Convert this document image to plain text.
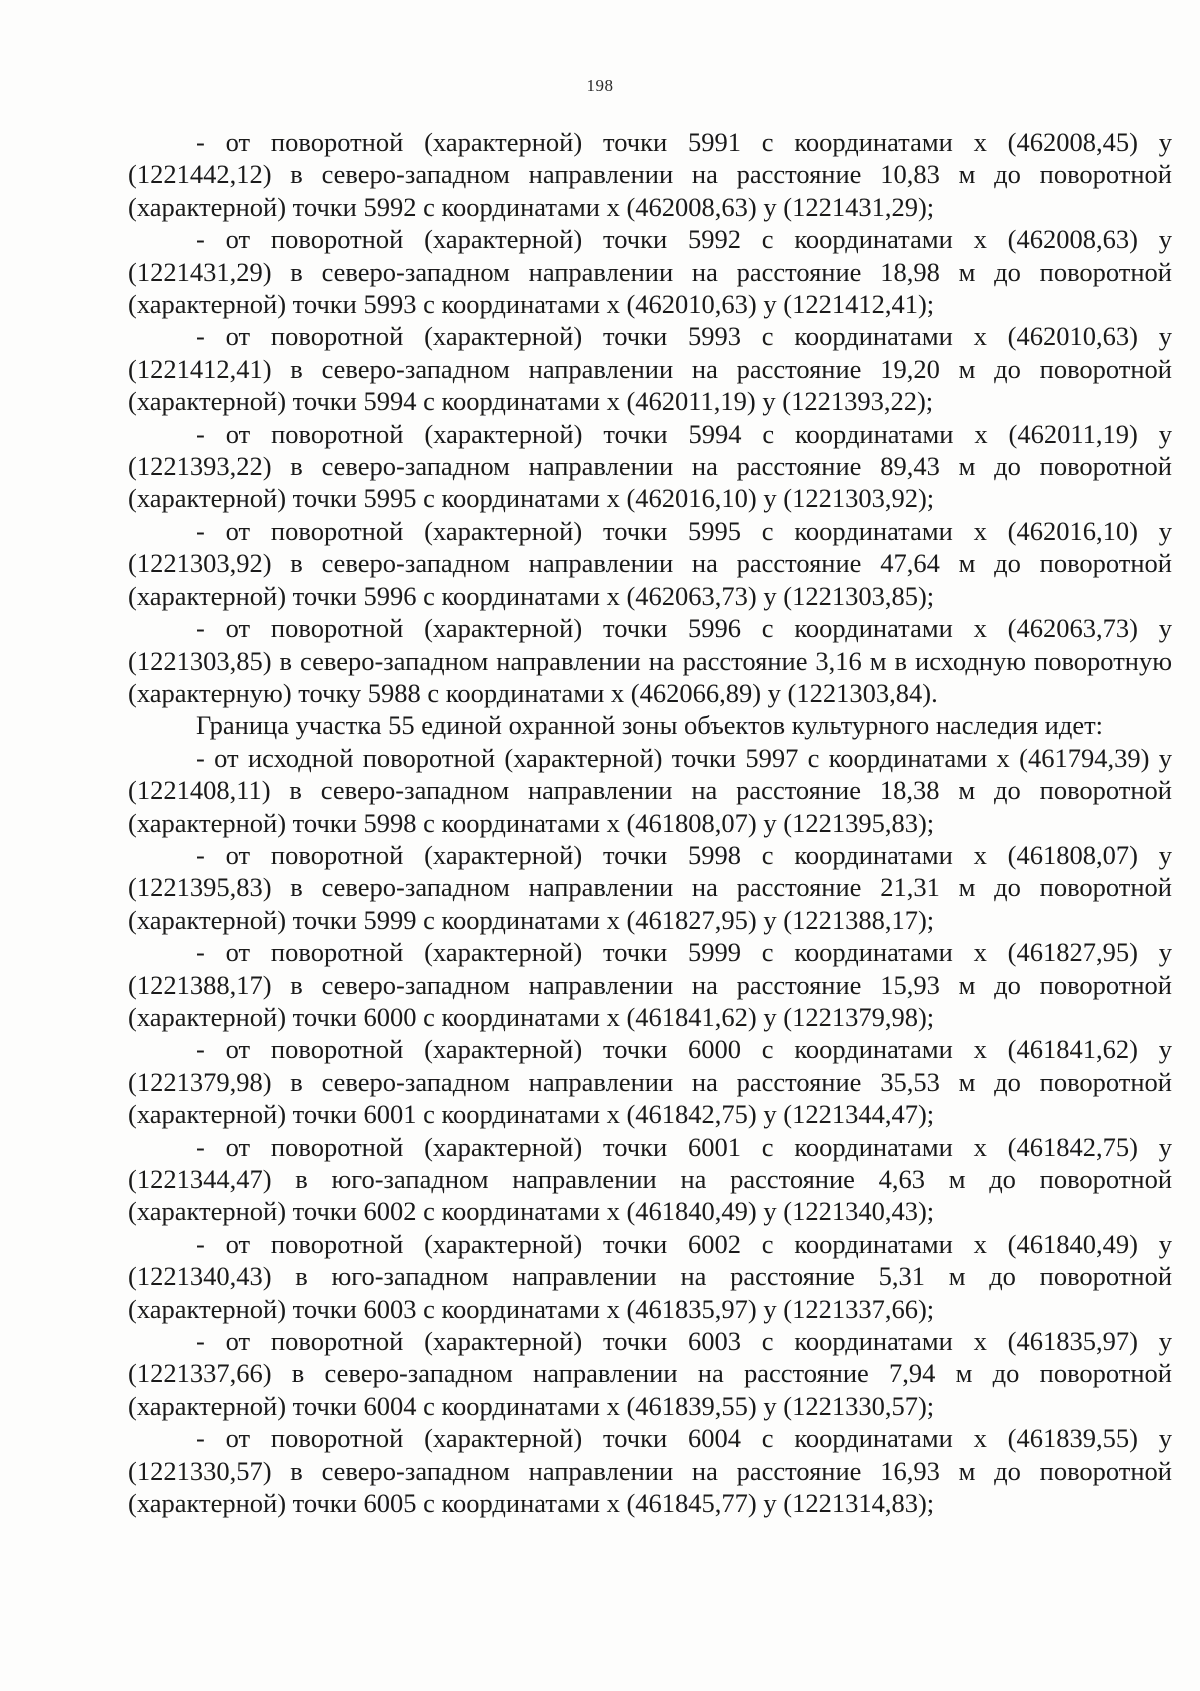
198

- от поворотной (характерной) точки 5991 с координатами х (462008,45) у (1221442,12) в северо-западном направлении на расстояние 10,83 м до поворотной (характерной) точки 5992 с координатами х (462008,63) у (1221431,29);

- от поворотной (характерной) точки 5992 с координатами х (462008,63) у (1221431,29) в северо-западном направлении на расстояние 18,98 м до поворотной (характерной) точки 5993 с координатами х (462010,63) у (1221412,41);

- от поворотной (характерной) точки 5993 с координатами х (462010,63) у (1221412,41) в северо-западном направлении на расстояние 19,20 м до поворотной (характерной) точки 5994 с координатами х (462011,19) у (1221393,22);

- от поворотной (характерной) точки 5994 с координатами х (462011,19) у (1221393,22) в северо-западном направлении на расстояние 89,43 м до поворотной (характерной) точки 5995 с координатами х (462016,10) у (1221303,92);

- от поворотной (характерной) точки 5995 с координатами х (462016,10) у (1221303,92) в северо-западном направлении на расстояние 47,64 м до поворотной (характерной) точки 5996 с координатами х (462063,73) у (1221303,85);

- от поворотной (характерной) точки 5996 с координатами х (462063,73) у (1221303,85) в северо-западном направлении на расстояние 3,16 м в исходную поворотную (характерную) точку 5988 с координатами х (462066,89) у (1221303,84).

Граница участка 55 единой охранной зоны объектов культурного наследия идет:

- от исходной поворотной (характерной) точки 5997 с координатами х (461794,39) у (1221408,11) в северо-западном направлении на расстояние 18,38 м до поворотной (характерной) точки 5998 с координатами х (461808,07) у (1221395,83);

- от поворотной (характерной) точки 5998 с координатами х (461808,07) у (1221395,83) в северо-западном направлении на расстояние 21,31 м до поворотной (характерной) точки 5999 с координатами х (461827,95) у (1221388,17);

- от поворотной (характерной) точки 5999 с координатами х (461827,95) у (1221388,17) в северо-западном направлении на расстояние 15,93 м до поворотной (характерной) точки 6000 с координатами х (461841,62) у (1221379,98);

- от поворотной (характерной) точки 6000 с координатами х (461841,62) у (1221379,98) в северо-западном направлении на расстояние 35,53 м до поворотной (характерной) точки 6001 с координатами х (461842,75) у (1221344,47);

- от поворотной (характерной) точки 6001 с координатами х (461842,75) у (1221344,47) в юго-западном направлении на расстояние 4,63 м до поворотной (характерной) точки 6002 с координатами х (461840,49) у (1221340,43);

- от поворотной (характерной) точки 6002 с координатами х (461840,49) у (1221340,43) в юго-западном направлении на расстояние 5,31 м до поворотной (характерной) точки 6003 с координатами х (461835,97) у (1221337,66);

- от поворотной (характерной) точки 6003 с координатами х (461835,97) у (1221337,66) в северо-западном направлении на расстояние 7,94 м до поворотной (характерной) точки 6004 с координатами х (461839,55) у (1221330,57);

- от поворотной (характерной) точки 6004 с координатами х (461839,55) у (1221330,57) в северо-западном направлении на расстояние 16,93 м до поворотной (характерной) точки 6005 с координатами х (461845,77) у (1221314,83);
